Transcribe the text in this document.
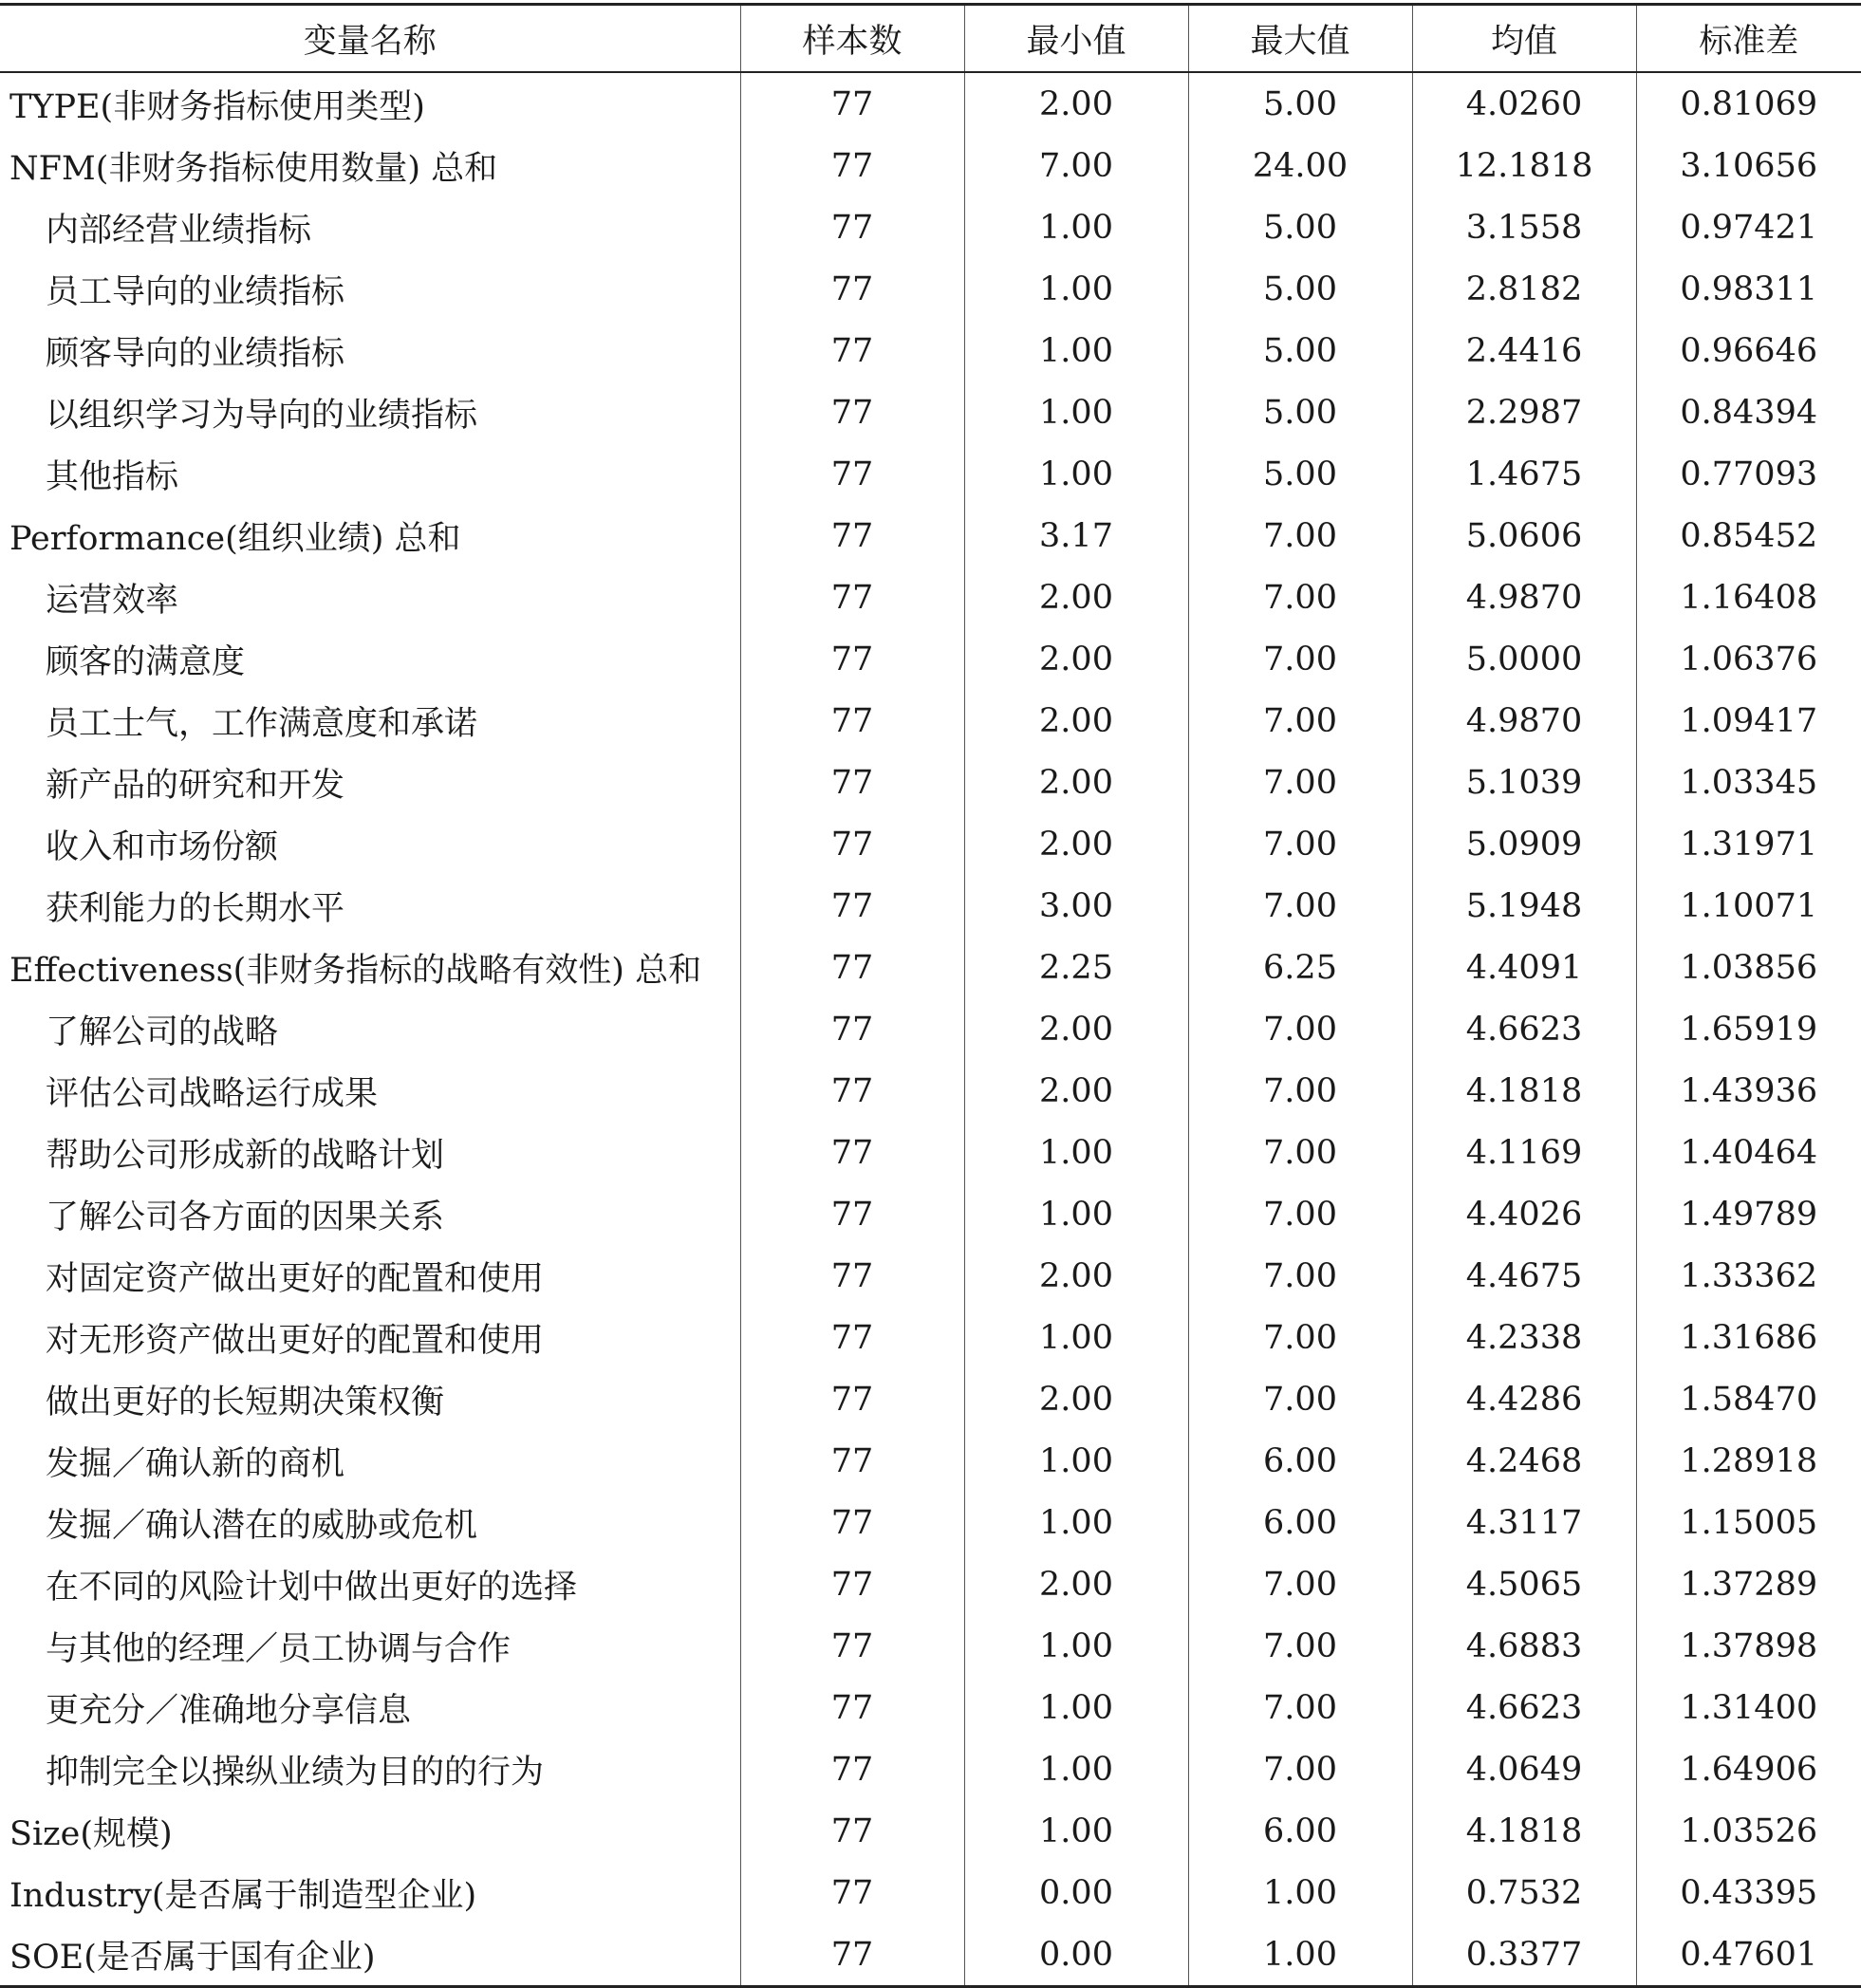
变量名称	样本数	最小值	最大值	均值	标准差
TYPE(非财务指标使用类型)	77	2.00	5.00	4.0260	0.81069
NFM(非财务指标使用数量) 总和	77	7.00	24.00	12.1818	3.10656
内部经营业绩指标	77	1.00	5.00	3.1558	0.97421
员工导向的业绩指标	77	1.00	5.00	2.8182	0.98311
顾客导向的业绩指标	77	1.00	5.00	2.4416	0.96646
以组织学习为导向的业绩指标	77	1.00	5.00	2.2987	0.84394
其他指标	77	1.00	5.00	1.4675	0.77093
Performance(组织业绩) 总和	77	3.17	7.00	5.0606	0.85452
运营效率	77	2.00	7.00	4.9870	1.16408
顾客的满意度	77	2.00	7.00	5.0000	1.06376
员工士气，工作满意度和承诺	77	2.00	7.00	4.9870	1.09417
新产品的研究和开发	77	2.00	7.00	5.1039	1.03345
收入和市场份额	77	2.00	7.00	5.0909	1.31971
获利能力的长期水平	77	3.00	7.00	5.1948	1.10071
Effectiveness(非财务指标的战略有效性) 总和	77	2.25	6.25	4.4091	1.03856
了解公司的战略	77	2.00	7.00	4.6623	1.65919
评估公司战略运行成果	77	2.00	7.00	4.1818	1.43936
帮助公司形成新的战略计划	77	1.00	7.00	4.1169	1.40464
了解公司各方面的因果关系	77	1.00	7.00	4.4026	1.49789
对固定资产做出更好的配置和使用	77	2.00	7.00	4.4675	1.33362
对无形资产做出更好的配置和使用	77	1.00	7.00	4.2338	1.31686
做出更好的长短期决策权衡	77	2.00	7.00	4.4286	1.58470
发掘／确认新的商机	77	1.00	6.00	4.2468	1.28918
发掘／确认潜在的威胁或危机	77	1.00	6.00	4.3117	1.15005
在不同的风险计划中做出更好的选择	77	2.00	7.00	4.5065	1.37289
与其他的经理／员工协调与合作	77	1.00	7.00	4.6883	1.37898
更充分／准确地分享信息	77	1.00	7.00	4.6623	1.31400
抑制完全以操纵业绩为目的的行为	77	1.00	7.00	4.0649	1.64906
Size(规模)	77	1.00	6.00	4.1818	1.03526
Industry(是否属于制造型企业)	77	0.00	1.00	0.7532	0.43395
SOE(是否属于国有企业)	77	0.00	1.00	0.3377	0.47601
